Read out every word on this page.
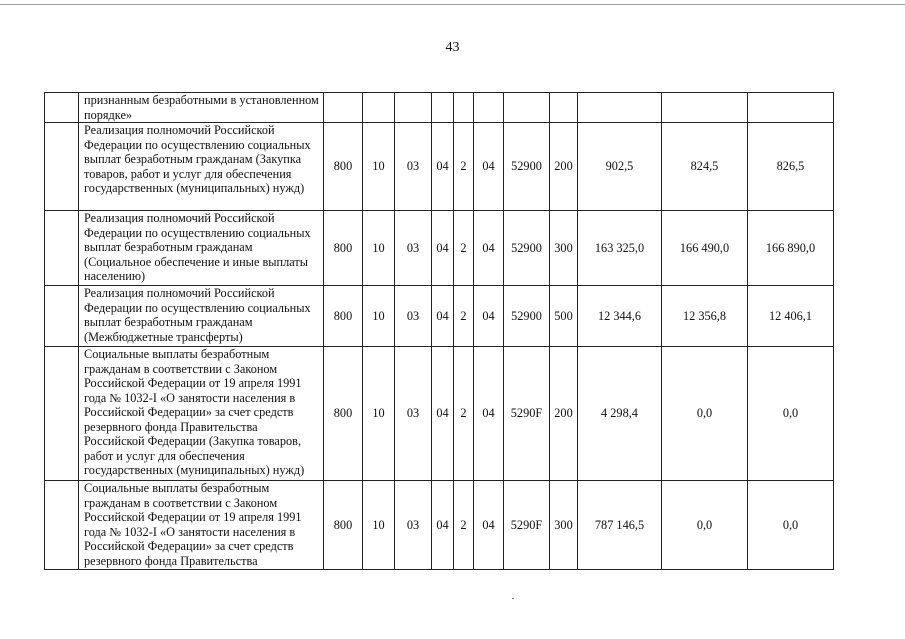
43
	признанным безработными в установленном порядке»											
	Реализация полномочий Российской Федерации по осуществлению социальных выплат безработным гражданам (Закупка товаров, работ и услуг для обеспечения государственных (муниципальных) нужд)	800	10	03	04	2	04	52900	200	902,5	824,5	826,5
	Реализация полномочий Российской Федерации по осуществлению социальных выплат безработным гражданам (Социальное обеспечение и иные выплаты населению)	800	10	03	04	2	04	52900	300	163 325,0	166 490,0	166 890,0
	Реализация полномочий Российской Федерации по осуществлению социальных выплат безработным гражданам (Межбюджетные трансферты)	800	10	03	04	2	04	52900	500	12 344,6	12 356,8	12 406,1
	Социальные выплаты безработным гражданам в соответствии с Законом Российской Федерации от 19 апреля 1991 года № 1032-I «О занятости населения в Российской Федерации» за счет средств резервного фонда Правительства Российской Федерации (Закупка товаров, работ и услуг для обеспечения государственных (муниципальных) нужд)	800	10	03	04	2	04	5290F	200	4 298,4	0,0	0,0
	Социальные выплаты безработным гражданам в соответствии с Законом Российской Федерации от 19 апреля 1991 года № 1032-I «О занятости населения в Российской Федерации» за счет средств резервного фонда Правительства	800	10	03	04	2	04	5290F	300	787 146,5	0,0	0,0
